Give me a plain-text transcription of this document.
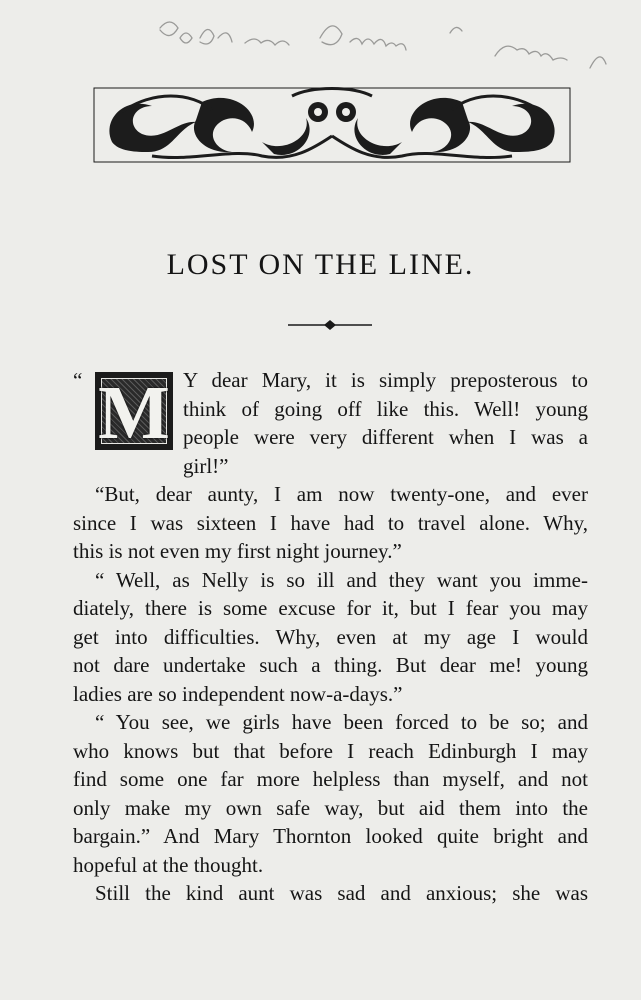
"Goff" for "Guardian" Jan'b
LOST ON THE LINE.
“ M Y dear Mary, it is simply preposterous to
think of going off like this. Well! young
people were very different when I was a
girl!”
“But, dear aunty, I am now twenty-one, and ever
since I was sixteen I have had to travel alone. Why,
this is not even my first night journey.”
“ Well, as Nelly is so ill and they want you imme-
diately, there is some excuse for it, but I fear you may
get into difficulties. Why, even at my age I would
not dare undertake such a thing. But dear me! young
ladies are so independent now-a-days.”
“ You see, we girls have been forced to be so; and
who knows but that before I reach Edinburgh I may
find some one far more helpless than myself, and not
only make my own safe way, but aid them into the
bargain.” And Mary Thornton looked quite bright and
hopeful at the thought.
Still the kind aunt was sad and anxious; she was
